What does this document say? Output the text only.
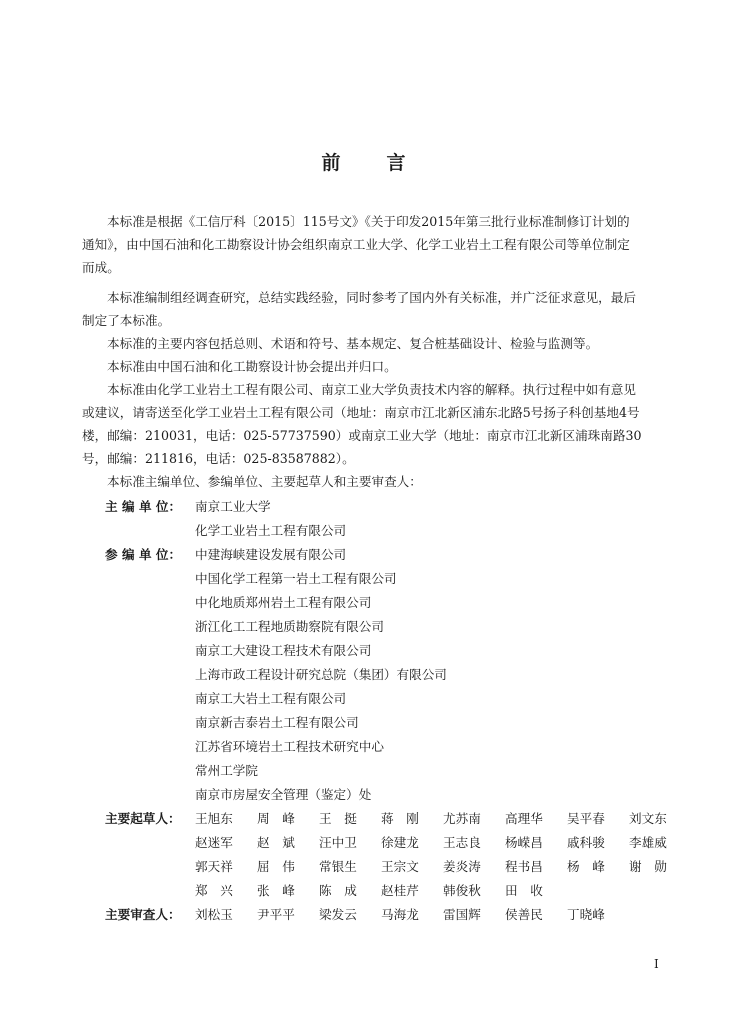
前 言

本标准是根据《工信厅科〔2015〕115号文》《关于印发2015年第三批行业标准制修订计划的通知》，由中国石油和化工勘察设计协会组织南京工业大学、化学工业岩土工程有限公司等单位制定而成。

本标准编制组经调查研究，总结实践经验，同时参考了国内外有关标准，并广泛征求意见，最后制定了本标准。

本标准的主要内容包括总则、术语和符号、基本规定、复合桩基础设计、检验与监测等。

本标准由中国石油和化工勘察设计协会提出并归口。

本标准由化学工业岩土工程有限公司、南京工业大学负责技术内容的解释。执行过程中如有意见或建议，请寄送至化学工业岩土工程有限公司（地址：南京市江北新区浦东北路5号扬子科创基地4号楼，邮编：210031，电话：025-57737590）或南京工业大学（地址：南京市江北新区浦珠南路30号，邮编：211816，电话：025-83587882）。

本标准主编单位、参编单位、主要起草人和主要审查人：

主 编 单 位：	南京工业大学
化学工业岩土工程有限公司
参 编 单 位：	中建海峡建设发展有限公司
中国化学工程第一岩土工程有限公司
中化地质郑州岩土工程有限公司
浙江化工工程地质勘察院有限公司
南京工大建设工程技术有限公司
上海市政工程设计研究总院（集团）有限公司
南京工大岩土工程有限公司
南京新吉泰岩土工程有限公司
江苏省环境岩土工程技术研究中心
常州工学院
南京市房屋安全管理（鉴定）处
主要起草人：	王旭东 周　峰 王　挺 蒋　刚 尤苏南 高理华 吴平春 刘文东
赵迷军 赵　斌 汪中卫 徐建龙 王志良 杨嵘昌 戚科骏 李雄威
郭天祥 屈　伟 常银生 王宗文 姜炎涛 程书昌 杨　峰 谢　勋
郑　兴 张　峰 陈　成 赵桂芹 韩俊秋 田　收
主要审查人：	刘松玉 尹平平 梁发云 马海龙 雷国辉 侯善民 丁晓峰
I
